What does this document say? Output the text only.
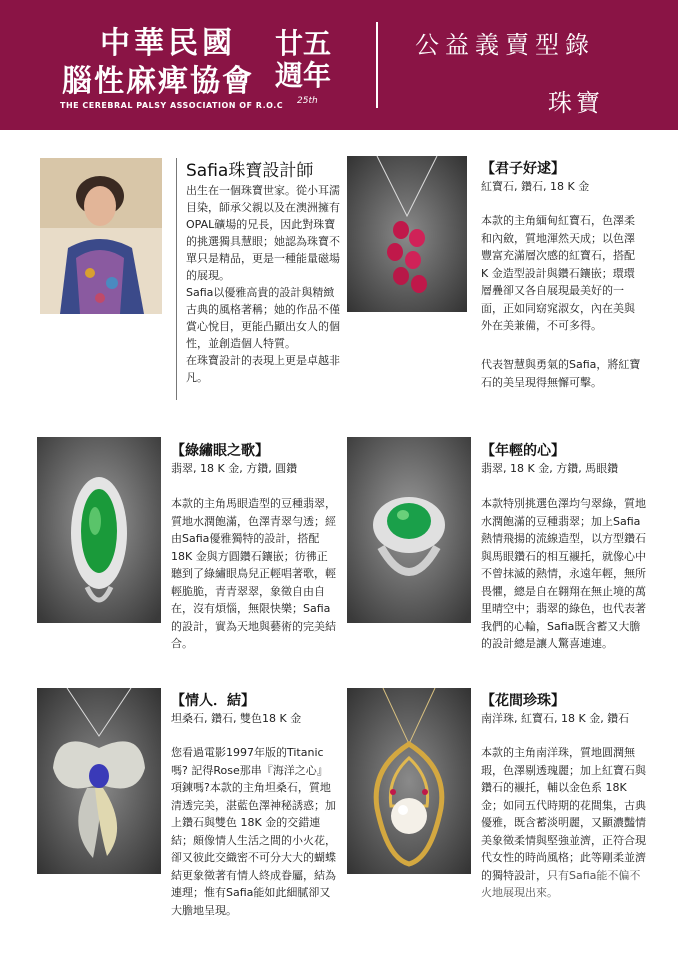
中華民國
腦性麻痺協會
THE CEREBRAL PALSY ASSOCIATION OF R.O.C
廿五週年
25th
公益義賣型錄
珠寶
Safia珠寶設計師

出生在一個珠寶世家。從小耳濡目染，師承父親以及在澳洲擁有OPAL礦場的兄長，因此對珠寶的挑選獨具慧眼；她認為珠寶不單只是精品，更是一種能量磁場的展現。

Safia以優雅高貴的設計與精緻古典的風格著稱；她的作品不僅賞心悅目，更能凸顯出女人的個性，並創造個人特質。

在珠寶設計的表現上更是卓越非凡。

【君子好逑】
紅寶石, 鑽石, 18 K 金

本款的主角緬甸紅寶石，色澤柔和內斂，質地渾然天成；以色澤豐富充滿層次感的紅寶石，搭配 K 金造型設計與鑽石鑲嵌；環環層疊卻又各自展現最美好的一面，正如同窈窕淑女，內在美與外在美兼備，不可多得。

代表智慧與勇氣的Safia，將紅寶石的美呈現得無懈可擊。

【綠繡眼之歌】
翡翠, 18 K 金, 方鑽, 圓鑽

本款的主角馬眼造型的豆種翡翠，質地水潤飽滿，色澤青翠勻透；經由Safia優雅獨特的設計，搭配 18K 金與方圓鑽石鑲嵌；彷彿正聽到了綠繡眼鳥兒正輕唱著歌，輕輕脆脆，青青翠翠，象徵自由自在，沒有煩惱，無限快樂；Safia的設計，實為天地與藝術的完美結合。

【年輕的心】
翡翠, 18 K 金, 方鑽, 馬眼鑽

本款特別挑選色澤均勻翠綠，質地水潤飽滿的豆種翡翠；加上Safia熱情飛揚的流線造型，以方型鑽石與馬眼鑽石的相互襯托，就像心中不曾抹滅的熱情，永遠年輕，無所畏懼，總是自在翱翔在無止境的萬里晴空中；翡翠的綠色，也代表著我們的心輪，Safia既含蓄又大膽的設計總是讓人驚喜連連。

【情人．結】
坦桑石, 鑽石, 雙色18 K 金

您看過電影1997年版的Titanic嗎? 記得Rose那串『海洋之心』項鍊嗎?本款的主角坦桑石，質地清透完美，湛藍色澤神秘誘惑；加上鑽石與雙色 18K 金的交錯連結；頗像情人生活之間的小火花，卻又彼此交織密不可分大大的蝴蝶結更象徵著有情人終成眷屬，結為連理；惟有Safia能如此細膩卻又大膽地呈現。

【花間珍珠】
南洋珠, 紅寶石, 18 K 金, 鑽石

本款的主角南洋珠，質地圓潤無瑕，色澤剔透瑰麗；加上紅寶石與鑽石的襯托，輔以金色系 18K 金；如同五代時期的花間集，古典優雅，既含蓄淡明麗，又顯濃豔情美象徵柔情與堅強並濟，正符合現代女性的時尚風格；此等剛柔並濟的獨特設計，只有Safia能不偏不火地展現出來。
